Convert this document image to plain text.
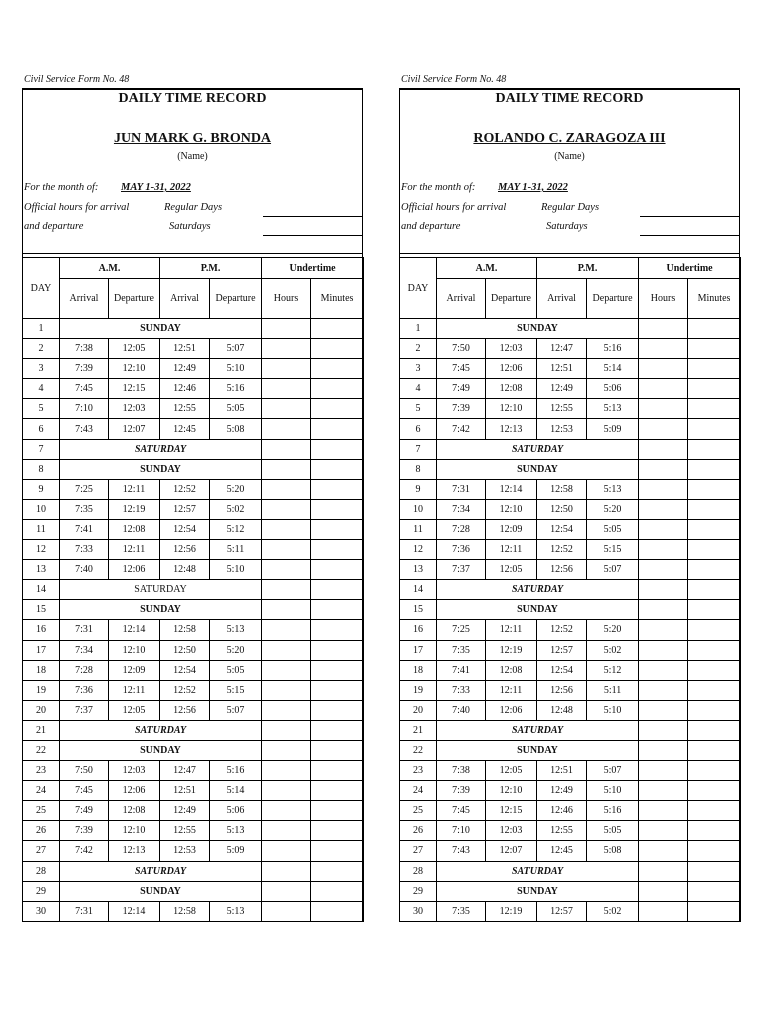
Civil Service Form No. 48
DAILY TIME RECORD
JUN MARK G. BRONDA
(Name)
For the month of: MAY 1-31, 2022
Official hours for arrival	Regular Days
and departure	Saturdays
DAY	A.M.		P.M.		Undertime	
	Arrival	Departure	Arrival	Departure	Hours	Minutes
1	SUNDAY					
2	7:38	12:05	12:51	5:07		
3	7:39	12:10	12:49	5:10		
4	7:45	12:15	12:46	5:16		
5	7:10	12:03	12:55	5:05		
6	7:43	12:07	12:45	5:08		
7	SATURDAY					
8	SUNDAY					
9	7:25	12:11	12:52	5:20		
10	7:35	12:19	12:57	5:02		
11	7:41	12:08	12:54	5:12		
12	7:33	12:11	12:56	5:11		
13	7:40	12:06	12:48	5:10		
14	SATURDAY					
15	SUNDAY					
16	7:31	12:14	12:58	5:13		
17	7:34	12:10	12:50	5:20		
18	7:28	12:09	12:54	5:05		
19	7:36	12:11	12:52	5:15		
20	7:37	12:05	12:56	5:07		
21	SATURDAY					
22	SUNDAY					
23	7:50	12:03	12:47	5:16		
24	7:45	12:06	12:51	5:14		
25	7:49	12:08	12:49	5:06		
26	7:39	12:10	12:55	5:13		
27	7:42	12:13	12:53	5:09		
28	SATURDAY					
29	SUNDAY					
30	7:31	12:14	12:58	5:13		
Civil Service Form No. 48
DAILY TIME RECORD
ROLANDO C. ZARAGOZA III
(Name)
For the month of: MAY 1-31, 2022
Official hours for arrival	Regular Days
and departure	Saturdays
DAY	A.M.		P.M.		Undertime	
	Arrival	Departure	Arrival	Departure	Hours	Minutes
1	SUNDAY					
2	7:50	12:03	12:47	5:16		
3	7:45	12:06	12:51	5:14		
4	7:49	12:08	12:49	5:06		
5	7:39	12:10	12:55	5:13		
6	7:42	12:13	12:53	5:09		
7	SATURDAY					
8	SUNDAY					
9	7:31	12:14	12:58	5:13		
10	7:34	12:10	12:50	5:20		
11	7:28	12:09	12:54	5:05		
12	7:36	12:11	12:52	5:15		
13	7:37	12:05	12:56	5:07		
14	SATURDAY					
15	SUNDAY					
16	7:25	12:11	12:52	5:20		
17	7:35	12:19	12:57	5:02		
18	7:41	12:08	12:54	5:12		
19	7:33	12:11	12:56	5:11		
20	7:40	12:06	12:48	5:10		
21	SATURDAY					
22	SUNDAY					
23	7:38	12:05	12:51	5:07		
24	7:39	12:10	12:49	5:10		
25	7:45	12:15	12:46	5:16		
26	7:10	12:03	12:55	5:05		
27	7:43	12:07	12:45	5:08		
28	SATURDAY					
29	SUNDAY					
30	7:35	12:19	12:57	5:02		
